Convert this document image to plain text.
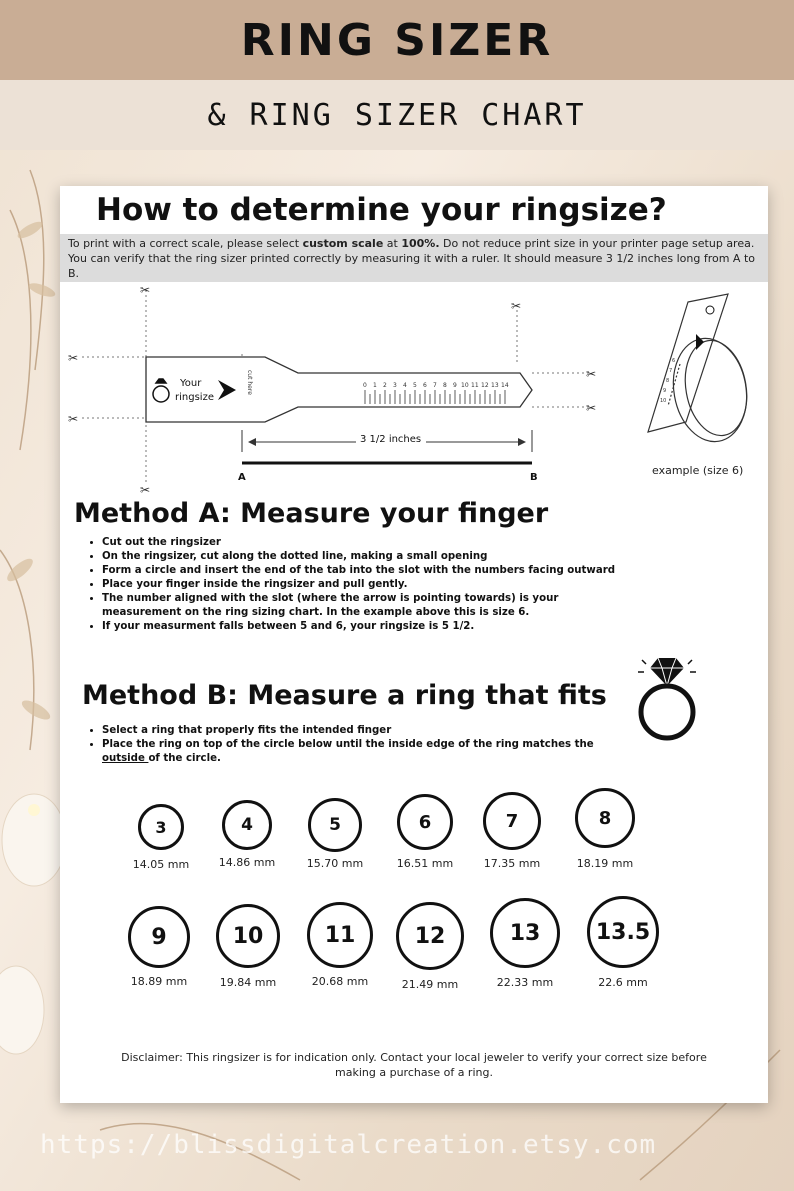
RING SIZER
& RING SIZER CHART
How to determine your ringsize?
To print with a correct scale, please select custom scale at 100%. Do not reduce print size in your printer page setup area. You can verify that the ring sizer printed correctly by measuring it with a ruler. It should measure 3 1/2 inches long from A to B.
✂
✂
✂
✂
✂
✂
✂
Your
ringsize
cut here	0 1 2 3 4 5 6 7 8 9 10 11 12 13 14
3 1/2 inches
A	B
6
7
8
9
10
example (size 6)
Method A: Measure your finger
• Cut out the ringsizer
• On the ringsizer, cut along the dotted line, making a small opening
• Form a circle and insert the end of the tab into the slot with the numbers facing outward
• Place your finger inside the ringsizer and pull gently.
• The number aligned with the slot (where the arrow is pointing towards) is your measurement on the ring sizing chart. In the example above this is size 6.
• If your measurment falls between 5 and 6, your ringsize is 5 1/2.
Method B: Measure a ring that fits
• Select a ring that properly fits the intended finger
• Place the ring on top of the circle below until the inside edge of the ring matches the outside of the circle.
3
14.05 mm
4
14.86 mm
5
15.70 mm
6
16.51 mm
7
17.35 mm
8
18.19 mm
9
18.89 mm
10
19.84 mm
11
20.68 mm
12
21.49 mm
13
22.33 mm
13.5
22.6 mm
Disclaimer: This ringsizer is for indication only. Contact your local jeweler to verify your correct size before making a purchase of a ring.
https://blissdigitalcreation.etsy.com
